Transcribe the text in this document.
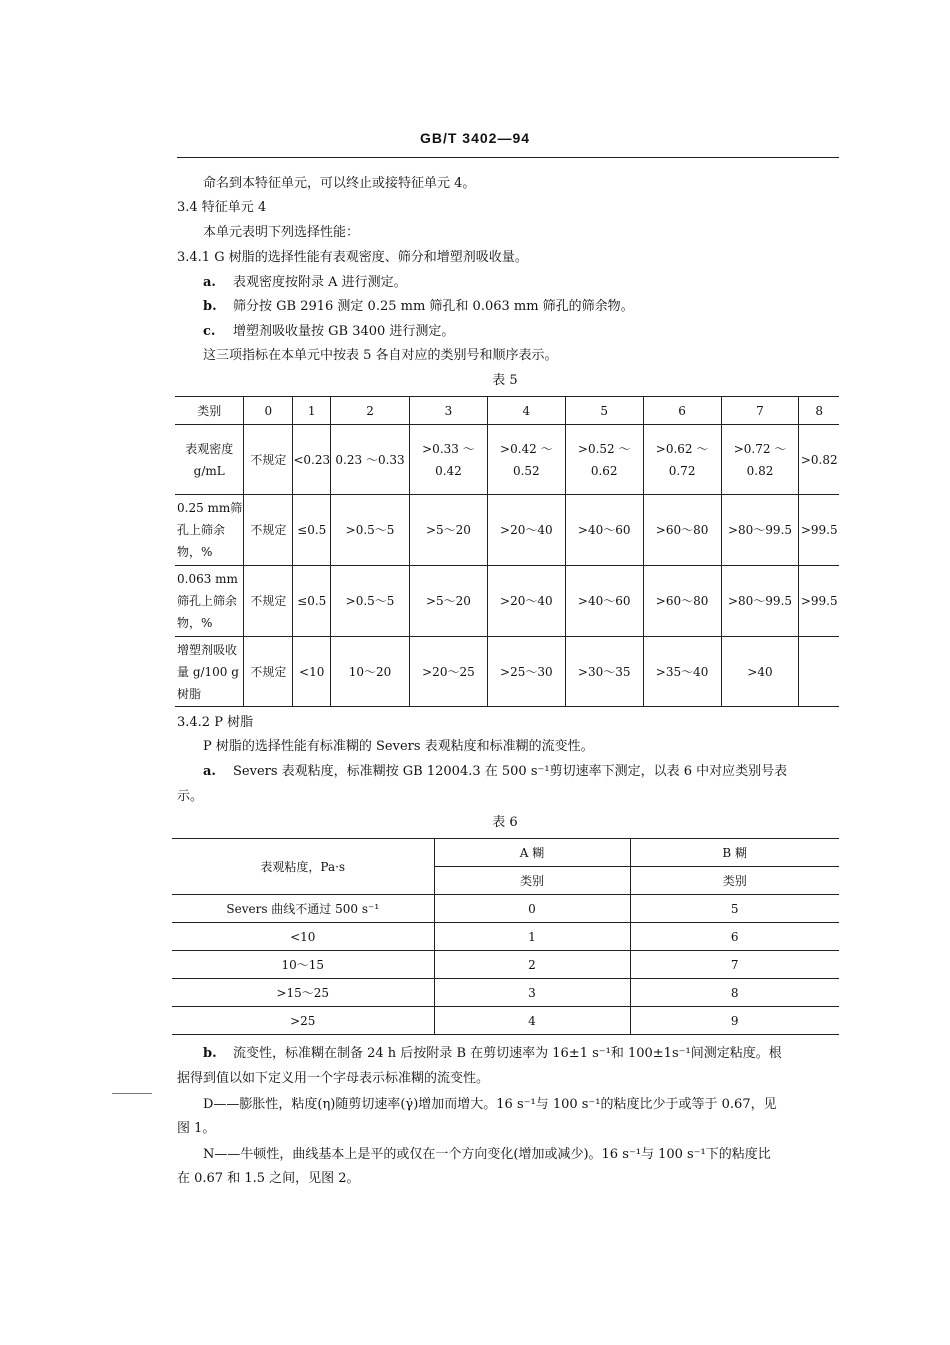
GB/T 3402—94
命名到本特征单元，可以终止或接特征单元 4。
3.4 特征单元 4
本单元表明下列选择性能：
3.4.1 G 树脂的选择性能有表观密度、筛分和增塑剂吸收量。
a. 表观密度按附录 A 进行测定。
b. 筛分按 GB 2916 测定 0.25 mm 筛孔和 0.063 mm 筛孔的筛余物。
c. 增塑剂吸收量按 GB 3400 进行测定。
这三项指标在本单元中按表 5 各自对应的类别号和顺序表示。
表 5
类别	0	1	2	3	4	5	6	7	8
表观密度 g/mL	不规定	<0.23	0.23 ～0.33	>0.33 ～0.42	>0.42 ～0.52	>0.52 ～0.62	>0.62 ～0.72	>0.72 ～0.82	>0.82
0.25 mm筛孔上筛余物，%	不规定	≤0.5	>0.5～5	>5～20	>20～40	>40～60	>60～80	>80～99.5	>99.5
0.063 mm筛孔上筛余物，%	不规定	≤0.5	>0.5～5	>5～20	>20～40	>40～60	>60～80	>80～99.5	>99.5
增塑剂吸收量 g/100 g树脂	不规定	<10	10～20	>20～25	>25～30	>30～35	>35～40	>40	
3.4.2 P 树脂
P 树脂的选择性能有标准糊的 Severs 表观粘度和标准糊的流变性。
a. Severs 表观粘度，标准糊按 GB 12004.3 在 500 s⁻¹剪切速率下测定，以表 6 中对应类别号表
示。
表 6
表观粘度，Pa·s	A 糊	B 糊
	类别	类别
Severs 曲线不通过 500 s⁻¹	0	5
<10	1	6
10～15	2	7
>15～25	3	8
>25	4	9
b. 流变性，标准糊在制备 24 h 后按附录 B 在剪切速率为 16±1 s⁻¹和 100±1s⁻¹间测定粘度。根
据得到值以如下定义用一个字母表示标准糊的流变性。
D——膨胀性，粘度(η)随剪切速率(γ̇)增加而增大。16 s⁻¹与 100 s⁻¹的粘度比少于或等于 0.67，见
图 1。
N——牛顿性，曲线基本上是平的或仅在一个方向变化(增加或减少)。16 s⁻¹与 100 s⁻¹下的粘度比
在 0.67 和 1.5 之间，见图 2。
